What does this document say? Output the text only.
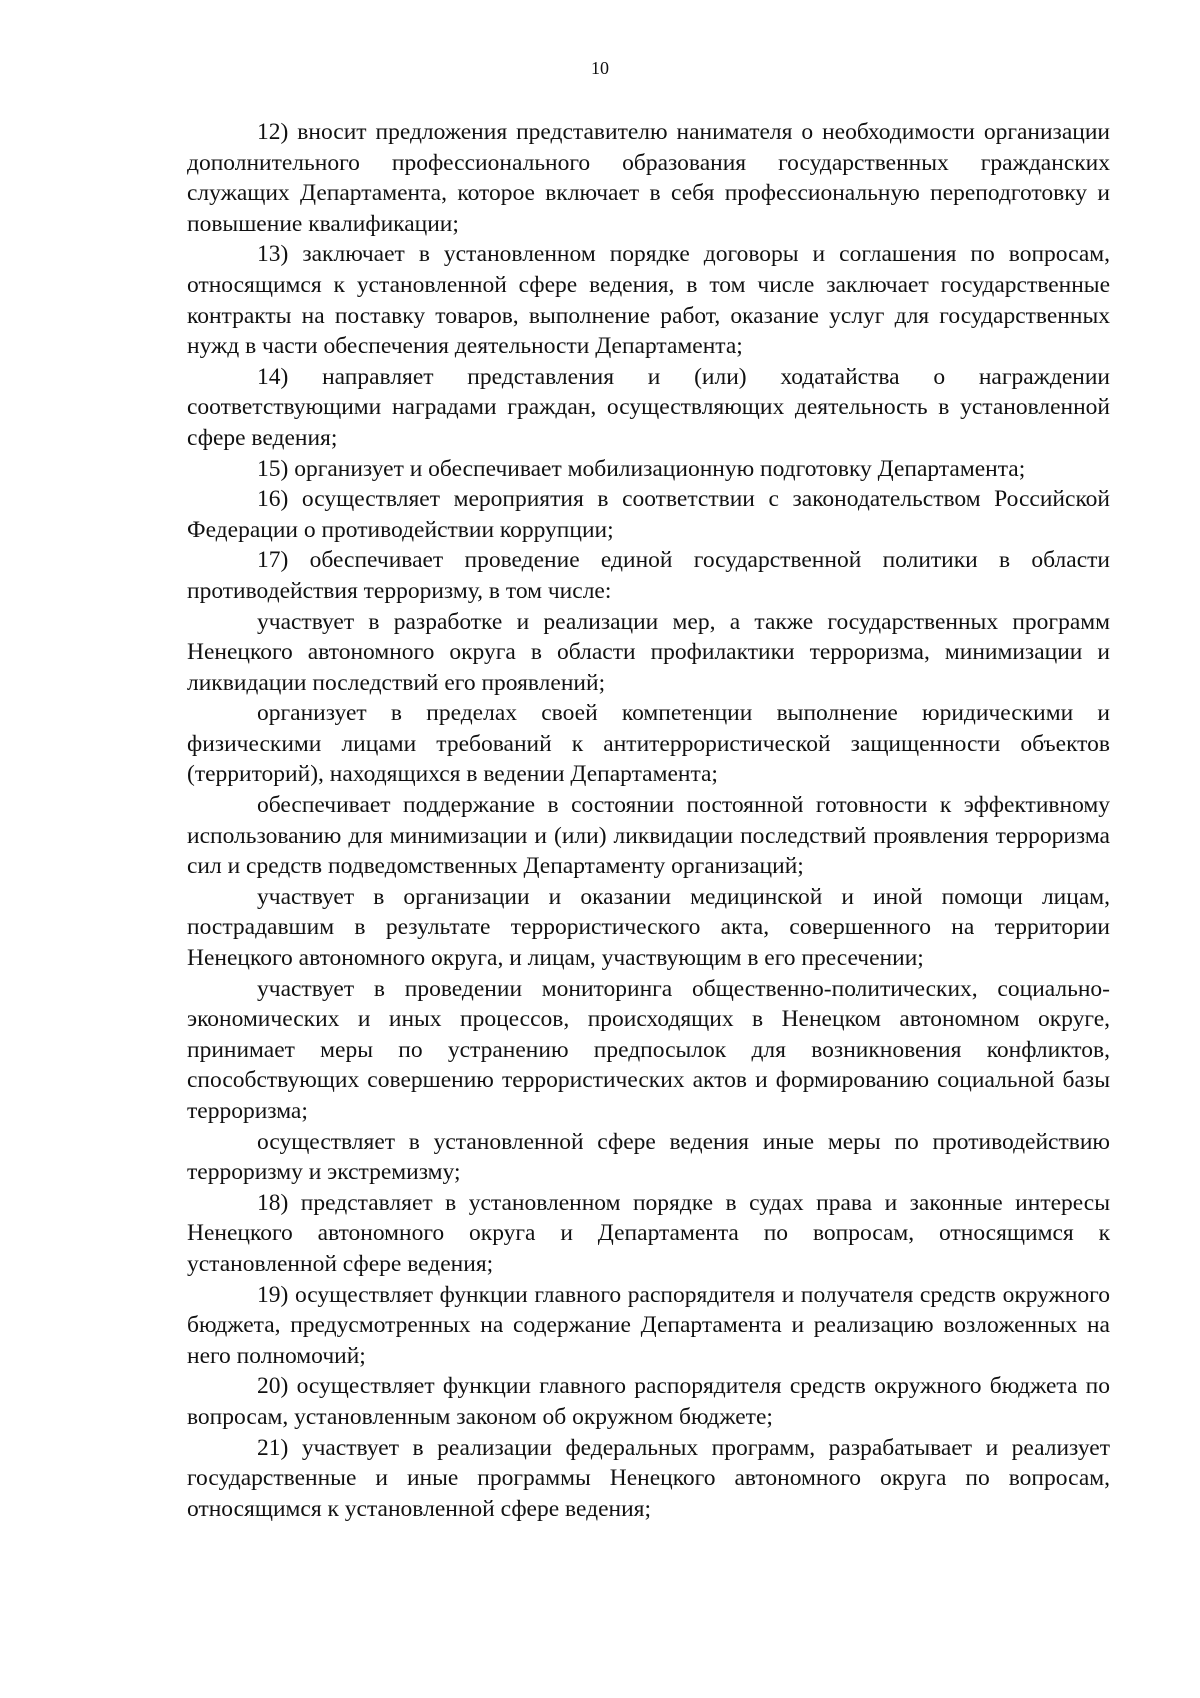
10

12) вносит предложения представителю нанимателя о необходимости организации дополнительного профессионального образования государственных гражданских служащих Департамента, которое включает в себя профессиональную переподготовку и повышение квалификации;

13) заключает в установленном порядке договоры и соглашения по вопросам, относящимся к установленной сфере ведения, в том числе заключает государственные контракты на поставку товаров, выполнение работ, оказание услуг для государственных нужд в части обеспечения деятельности Департамента;

14) направляет представления и (или) ходатайства о награждении соответствующими наградами граждан, осуществляющих деятельность в установленной сфере ведения;

15) организует и обеспечивает мобилизационную подготовку Департамента;

16) осуществляет мероприятия в соответствии с законодательством Российской Федерации о противодействии коррупции;

17) обеспечивает проведение единой государственной политики в области противодействия терроризму, в том числе:

участвует в разработке и реализации мер, а также государственных программ Ненецкого автономного округа в области профилактики терроризма, минимизации и ликвидации последствий его проявлений;

организует в пределах своей компетенции выполнение юридическими и физическими лицами требований к антитеррористической защищенности объектов (территорий), находящихся в ведении Департамента;

обеспечивает поддержание в состоянии постоянной готовности к эффективному использованию для минимизации и (или) ликвидации последствий проявления терроризма сил и средств подведомственных Департаменту организаций;

участвует в организации и оказании медицинской и иной помощи лицам, пострадавшим в результате террористического акта, совершенного на территории Ненецкого автономного округа, и лицам, участвующим в его пресечении;

участвует в проведении мониторинга общественно-политических, социально-экономических и иных процессов, происходящих в Ненецком автономном округе, принимает меры по устранению предпосылок для возникновения конфликтов, способствующих совершению террористических актов и формированию социальной базы терроризма;

осуществляет в установленной сфере ведения иные меры по противодействию терроризму и экстремизму;

18) представляет в установленном порядке в судах права и законные интересы Ненецкого автономного округа и Департамента по вопросам, относящимся к установленной сфере ведения;

19) осуществляет функции главного распорядителя и получателя средств окружного бюджета, предусмотренных на содержание Департамента и реализацию возложенных на него полномочий;

20) осуществляет функции главного распорядителя средств окружного бюджета по вопросам, установленным законом об окружном бюджете;

21) участвует в реализации федеральных программ, разрабатывает и реализует государственные и иные программы Ненецкого автономного округа по вопросам, относящимся к установленной сфере ведения;
